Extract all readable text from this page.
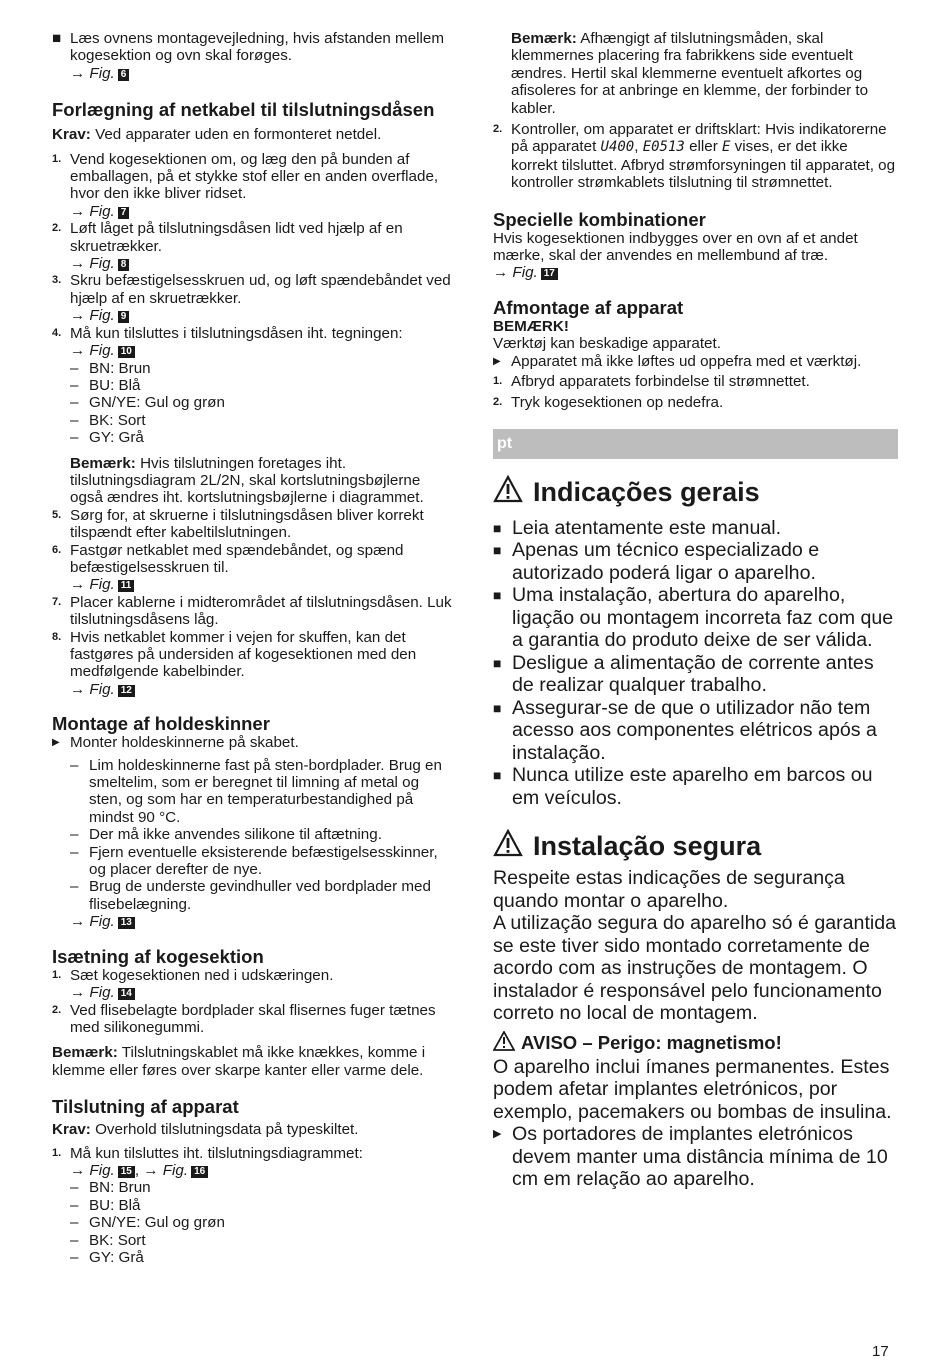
■ Læs ovnens montagevejledning, hvis afstanden mellem kogesektion og ovn skal forøges.
→ Fig. 6
Forlægning af netkabel til tilslutningsdåsen
Krav: Ved apparater uden en formonteret netdel.
1. Vend kogesektionen om, og læg den på bunden af emballagen, på et stykke stof eller en anden overflade, hvor den ikke bliver ridset.
→ Fig. 7
2. Løft låget på tilslutningsdåsen lidt ved hjælp af en skruetrækker.
→ Fig. 8
3. Skru befæstigelsesskruen ud, og løft spændebåndet ved hjælp af en skruetrækker.
→ Fig. 9
4. Må kun tilsluttes i tilslutningsdåsen iht. tegningen:
→ Fig. 10
– BN: Brun
– BU: Blå
– GN/YE: Gul og grøn
– BK: Sort
– GY: Grå
Bemærk: Hvis tilslutningen foretages iht. tilslutningsdiagram 2L/2N, skal kortslutningsbøjlerne også ændres iht. kortslutningsbøjlerne i diagrammet.
5. Sørg for, at skruerne i tilslutningsdåsen bliver korrekt tilspændt efter kabeltilslutningen.
6. Fastgør netkablet med spændebåndet, og spænd befæstigelsesskruen til.
→ Fig. 11
7. Placer kablerne i midterområdet af tilslutningsdåsen. Luk tilslutningsdåsens låg.
8. Hvis netkablet kommer i vejen for skuffen, kan det fastgøres på undersiden af kogesektionen med den medfølgende kabelbinder.
→ Fig. 12
Montage af holdeskinner
▶ Monter holdeskinnerne på skabet.
– Lim holdeskinnerne fast på sten-bordplader. Brug en smeltelim, som er beregnet til limning af metal og sten, og som har en temperaturbestandighed på mindst 90 °C.
– Der må ikke anvendes silikone til aftætning.
– Fjern eventuelle eksisterende befæstigelsesskinner, og placer derefter de nye.
– Brug de underste gevindhuller ved bordplader med flisebelægning.
→ Fig. 13
Isætning af kogesektion
1. Sæt kogesektionen ned i udskæringen.
→ Fig. 14
2. Ved flisebelagte bordplader skal flisernes fuger tætnes med silikonegummi.
Bemærk: Tilslutningskablet må ikke knækkes, komme i klemme eller føres over skarpe kanter eller varme dele.
Tilslutning af apparat
Krav: Overhold tilslutningsdata på typeskiltet.
1. Må kun tilsluttes iht. tilslutningsdiagrammet:
→ Fig. 15 , → Fig. 16
– BN: Brun
– BU: Blå
– GN/YE: Gul og grøn
– BK: Sort
– GY: Grå
Bemærk: Afhængigt af tilslutningsmåden, skal klemmernes placering fra fabrikkens side eventuelt ændres. Hertil skal klemmerne eventuelt afkortes og afisoleres for at anbringe en klemme, der forbinder to kabler.
2. Kontroller, om apparatet er driftsklart: Hvis indikatorerne på apparatet U400, E0513 eller E vises, er det ikke korrekt tilsluttet. Afbryd strømforsyningen til apparatet, og kontroller strømkablets tilslutning til strømnettet.
Specielle kombinationer
Hvis kogesektionen indbygges over en ovn af et andet mærke, skal der anvendes en mellembund af træ.
→ Fig. 17
Afmontage af apparat
BEMÆRK!
Værktøj kan beskadige apparatet.
▶ Apparatet må ikke løftes ud oppefra med et værktøj.
1. Afbryd apparatets forbindelse til strømnettet.
2. Tryk kogesektionen op nedefra.
pt
Indicações gerais
■ Leia atentamente este manual.
■ Apenas um técnico especializado e autorizado poderá ligar o aparelho.
■ Uma instalação, abertura do aparelho, ligação ou montagem incorreta faz com que a garantia do produto deixe de ser válida.
■ Desligue a alimentação de corrente antes de realizar qualquer trabalho.
■ Assegurar-se de que o utilizador não tem acesso aos componentes elétricos após a instalação.
■ Nunca utilize este aparelho em barcos ou em veículos.
Instalação segura
Respeite estas indicações de segurança quando montar o aparelho.
A utilização segura do aparelho só é garantida se este tiver sido montado corretamente de acordo com as instruções de montagem. O instalador é responsável pelo funcionamento correto no local de montagem.
AVISO – Perigo: magnetismo!
O aparelho inclui ímanes permanentes. Estes podem afetar implantes eletrónicos, por exemplo, pacemakers ou bombas de insulina.
▶ Os portadores de implantes eletrónicos devem manter uma distância mínima de 10 cm em relação ao aparelho.
17
